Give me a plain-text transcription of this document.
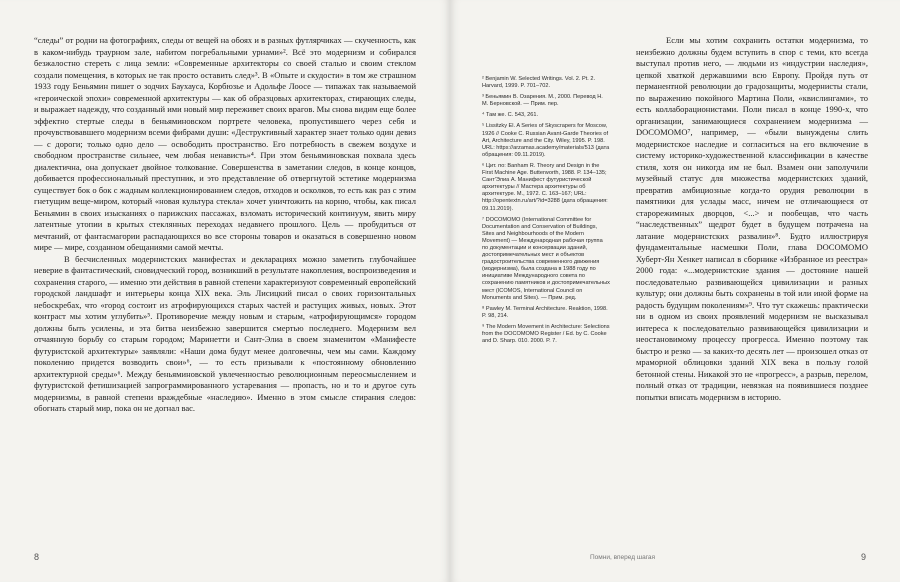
“следы” от родни на фотографиях, следы от вещей на обоях и в разных футлярчиках — скученность, как в каком-нибудь траурном зале, набитом погребальными урнами»². Всё это модернизм и собирался безжалостно стереть с лица земли: «Современные архитекторы со своей сталью и своим стеклом создали помещения, в которых не так просто оставить след»³. В «Опыте и скудости» в том же страшном 1933 году Беньямин пишет о зодчих Баухауса, Корбюзье и Адольфе Лоосе — типажах так называемой «героической эпохи» современной архитектуры — как об образцовых архитекторах, стирающих следы, и выражает надежду, что созданный ими новый мир переживет своих врагов. Мы снова видим еще более эффектно стертые следы в беньяминовском портрете человека, пропустившего через себя и прочувствовавшего модернизм всеми фибрами души: «Деструктивный характер знает только один девиз — с дороги; только одно дело — освободить пространство. Его потребность в свежем воздухе и свободном пространстве сильнее, чем любая ненависть»⁴. При этом беньяминовская похвала здесь диалектична, она допускает двойное толкование. Совершенства в заметании следов, в конце концов, добивается профессиональный преступник, и это представление об отвергнутой эстетике модернизма существует бок о бок с жадным коллекционированием следов, отходов и осколков, то есть как раз с этим гнетущим веще-миром, который «новая культура стекла» хочет уничтожить на корню, чтобы, как писал Беньямин в своих изысканиях о парижских пассажах, взломать исторический континуум, явить миру латентные утопии в крытых стеклянных переходах недавнего прошлого. Цель — пробудиться от мечтаний, от фантасмагории распадающихся во все стороны товаров и оказаться в совершенно новом мире — мире, созданном обещаниями самой мечты.

В бесчисленных модернистских манифестах и декларациях можно заметить глубочайшее неверие в фантастический, сновидческий город, возникший в результате накопления, воспроизведения и сохранения старого, — именно эти действия в равной степени характеризуют современный европейский городской ландшафт и интерьеры конца XIX века. Эль Лисицкий писал о своих горизонтальных небоскребах, что «город состоит из атрофирующихся старых частей и растущих живых, новых. Этот контраст мы хотим углубить»⁵. Противоречие между новым и старым, «атрофирующимся» городом должны быть усилены, и эта битва неизбежно завершится смертью последнего. Модернизм вел отчаянную борьбу со старым городом; Маринетти и Сант-Элиа в своем знаменитом «Манифесте футуристской архитектуры» заявляли: «Наши дома будут менее долговечны, чем мы сами. Каждому поколению придется возводить свои»⁶, — то есть призывали к «постоянному обновлению архитектурной среды»⁶. Между беньяминовской увлеченностью революционным переосмыслением и футуристской фетишизацией запрограммированного устаревания — пропасть, но и то и другое суть модернизмы, в равной степени враждебные «наследию». Именно в этом смысле стирания следов: обогнать старый мир, пока он не догнал вас.

8
² Benjamin W. Selected Writings. Vol. 2. Pt. 2. Harvard, 1999. P. 701–702.
³ Беньямин В. Озарения. М., 2000. Перевод Н. М. Берновской. — Прим. пер.
⁴ Там же. С. 543, 261.
⁵ Lissitzky El. A Series of Skyscrapers for Moscow, 1926 // Cooke C. Russian Avant-Garde Theories of Art, Architecture and the City. Wiley, 1995. P. 198. URL: https://arzamas.academy/materials/513 (дата обращения: 09.11.2019).
⁶ Цит. по: Banham R. Theory and Design in the First Machine Age. Butterworth, 1988. P. 134–135; Сант'Элиа А. Манифест футуристической архитектуры // Мастера архитектуры об архитектуре. М., 1972. С. 163–167; URL: http://opentextn.ru/art/?id=3288 (дата обращения: 09.11.2019).
⁷ DOCOMOMO (International Committee for Documentation and Conservation of Buildings, Sites and Neighbourhoods of the Modern Movement) — Международная рабочая группа по документации и консервации зданий, достопримечательных мест и объектов градостроительства современного движения (модернизма), была создана в 1988 году по инициативе Международного совета по сохранению памятников и достопримечательных мест (ICOMOS, International Council on Monuments and Sites). — Прим. ред.
⁸ Pawley M. Terminal Architecture. Reaktion, 1998. P. 98, 214.
⁹ The Modern Movement in Architecture: Selections from the DOCOMOMO Register / Ed. by C. Cooke and D. Sharp. 010. 2000. P. 7.

Если мы хотим сохранить остатки модернизма, то неизбежно должны будем вступить в спор с теми, кто всегда выступал против него, — людьми из «индустрии наследия», цепкой хваткой державшими всю Европу. Пройдя путь от перманентной революции до градозащиты, модернисты стали, по выражению покойного Мартина Поли, «квислингами», то есть коллаборационистами. Поли писал в конце 1990-х, что организации, занимающиеся сохранением модернизма — DOCOMOMO⁷, например, — «были вынуждены слить модернистское наследие и согласиться на его включение в систему историко-художественной классификации в качестве стиля, хотя он никогда им не был. Взамен они заполучили музейный статус для множества модернистских зданий, превратив амбициозные когда-то орудия революции в памятники для услады масс, ничем не отличающиеся от старорежимных дворцов, <...> и пообещав, что часть “наследственных” щедрот будет в будущем потрачена на латание модернистских развалин»⁸. Будто иллюстрируя фундаментальные насмешки Поли, глава DOCOMOMO Хуберт-Ян Хенкет написал в сборнике «Избранное из реестра» 2000 года: «...модернистские здания — достояние нашей последовательно развивающейся цивилизации и разных культур; они должны быть сохранены в той или иной форме на радость будущим поколениям»⁹. Что тут скажешь: практически ни в одном из своих проявлений модернизм не высказывал интереса к последовательно развивающейся цивилизации и неостановимому процессу прогресса. Именно поэтому так быстро и резко — за каких-то десять лет — произошел отказ от мраморной облицовки зданий XIX века в пользу голой бетонной стены. Никакой это не «прогресс», а разрыв, перелом, полный отказ от традиции, невязкая на появившиеся позднее попытки вписать модернизм в историю.

Помни, вперед шагая	9
